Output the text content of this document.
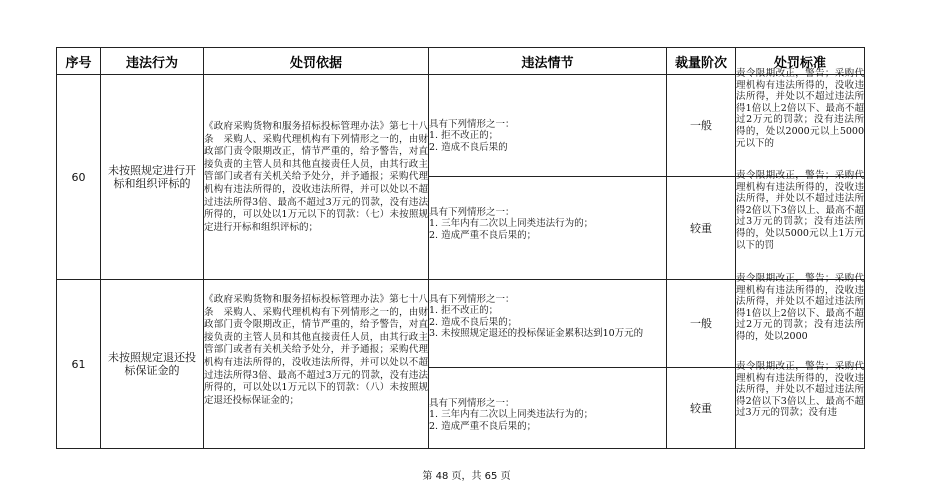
序号	违法行为	处罚依据	违法情节	裁量阶次	处罚标准
60	未按照规定进行开标和组织评标的	《政府采购货物和服务招标投标管理办法》第七十八条　采购人、采购代理机构有下列情形之一的，由财政部门责令限期改正，情节严重的，给予警告，对直接负责的主管人员和其他直接责任人员，由其行政主管部门或者有关机关给予处分，并予通报；采购代理机构有违法所得的，没收违法所得，并可以处以不超过违法所得3倍、最高不超过3万元的罚款，没有违法所得的，可以处以1万元以下的罚款：（七）未按照规定进行开标和组织评标的；	具有下列情形之一：
1. 拒不改正的；
2. 造成不良后果的	一般	责令限期改正，警告；采购代理机构有违法所得的，没收违法所得，并处以不超过违法所得1倍以上2倍以下、最高不超过2万元的罚款；没有违法所得的，处以2000元以上5000元以下的

			具有下列情形之一：
1. 三年内有二次以上同类违法行为的；
2. 造成严重不良后果的；	较重	责令限期改正，警告；采购代理机构有违法所得的，没收违法所得，并处以不超过违法所得2倍以下3倍以上、最高不超过3万元的罚款；没有违法所得的，处以5000元以上1万元以下的罚

61	未按照规定退还投标保证金的	《政府采购货物和服务招标投标管理办法》第七十八条　采购人、采购代理机构有下列情形之一的，由财政部门责令限期改正，情节严重的，给予警告，对直接负责的主管人员和其他直接责任人员，由其行政主管部门或者有关机关给予处分，并予通报；采购代理机构有违法所得的，没收违法所得，并可以处以不超过违法所得3倍、最高不超过3万元的罚款，没有违法所得的，可以处以1万元以下的罚款：（八）未按照规定退还投标保证金的；	具有下列情形之一：
1. 拒不改正的；
2. 造成不良后果的；
3. 未按照规定退还的投标保证金累积达到10万元的	一般	责令限期改正，警告；采购代理机构有违法所得的，没收违法所得，并处以不超过违法所得1倍以上2倍以下、最高不超过2万元的罚款；没有违法所得的，处以2000

			具有下列情形之一：
1. 三年内有二次以上同类违法行为的；
2. 造成严重不良后果的；	较重	责令限期改正，警告；采购代理机构有违法所得的，没收违法所得，并处以不超过违法所得2倍以下3倍以上、最高不超过3万元的罚款；没有违
第 48 页，共 65 页
